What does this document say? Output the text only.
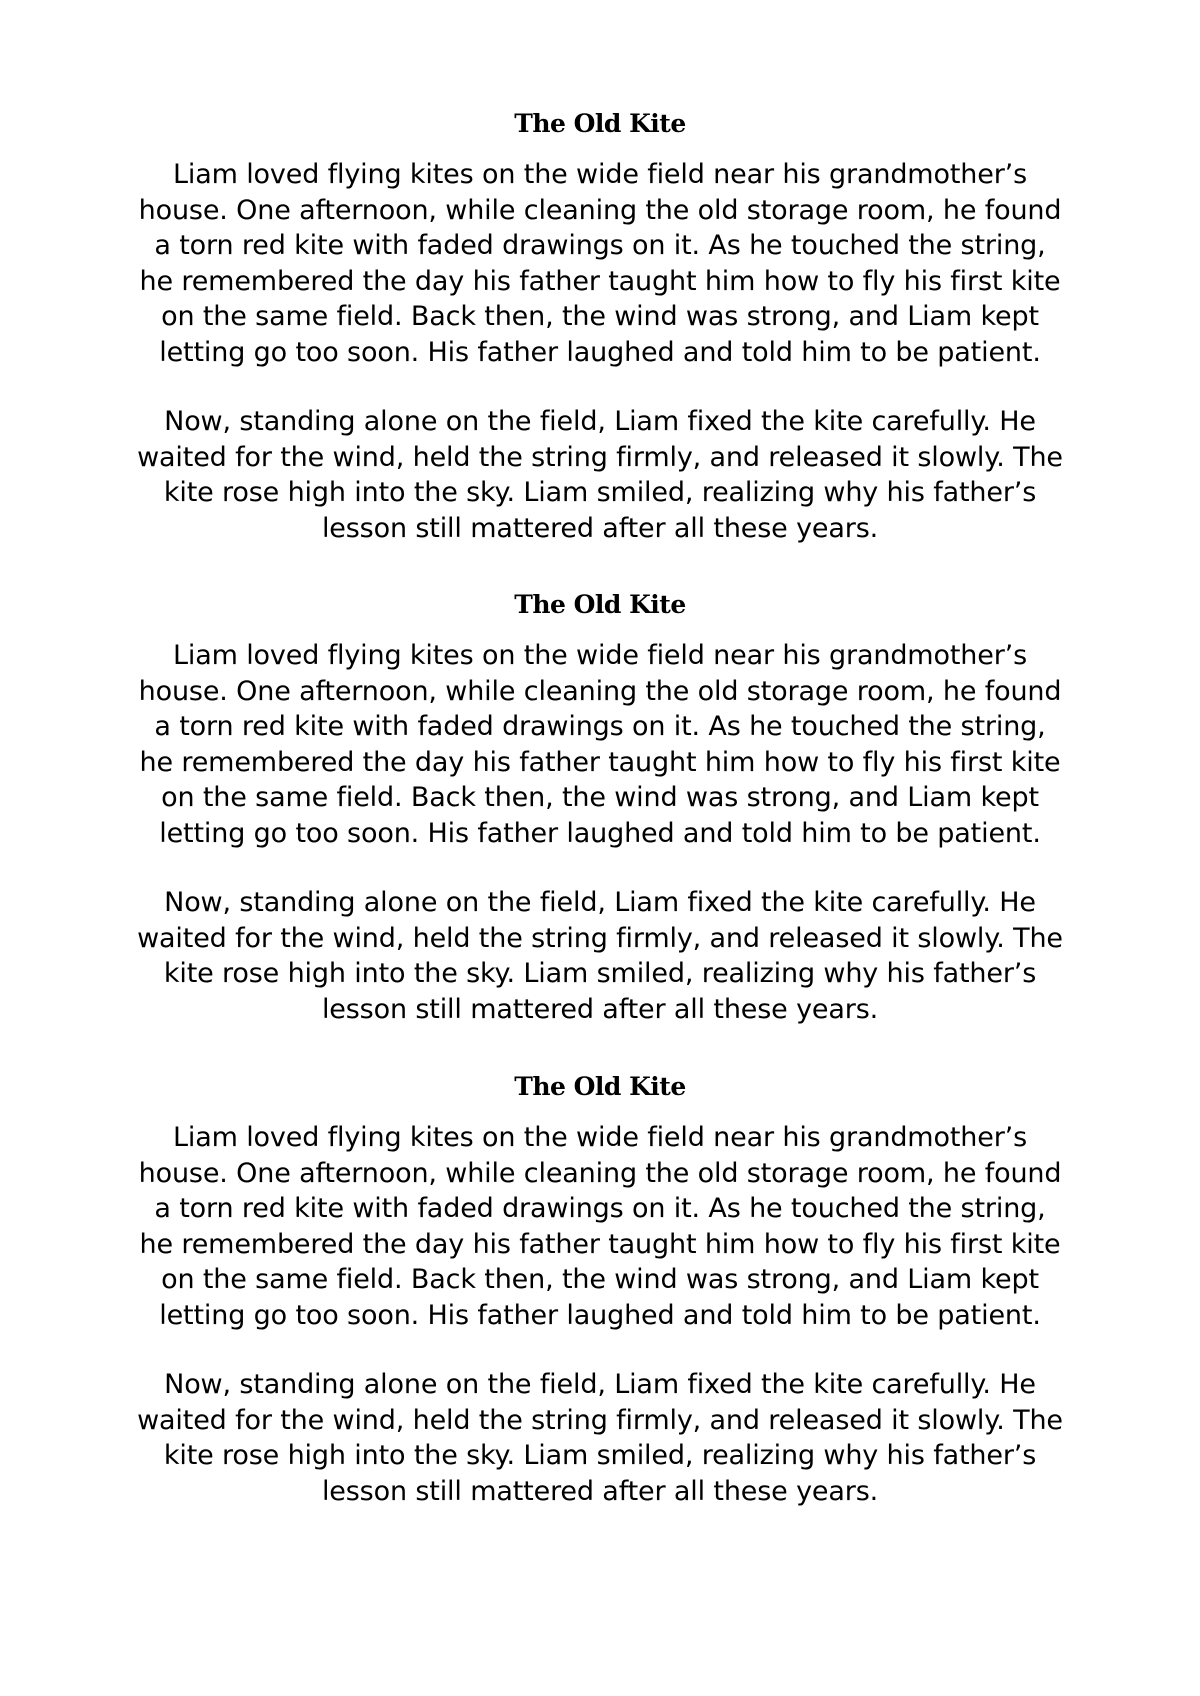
The Old Kite

Liam loved flying kites on the wide field near his grandmother’s
house. One afternoon, while cleaning the old storage room, he found
a torn red kite with faded drawings on it. As he touched the string,
he remembered the day his father taught him how to fly his first kite
on the same field. Back then, the wind was strong, and Liam kept
letting go too soon. His father laughed and told him to be patient.

Now, standing alone on the field, Liam fixed the kite carefully. He
waited for the wind, held the string firmly, and released it slowly. The
kite rose high into the sky. Liam smiled, realizing why his father’s
lesson still mattered after all these years.

The Old Kite

Liam loved flying kites on the wide field near his grandmother’s
house. One afternoon, while cleaning the old storage room, he found
a torn red kite with faded drawings on it. As he touched the string,
he remembered the day his father taught him how to fly his first kite
on the same field. Back then, the wind was strong, and Liam kept
letting go too soon. His father laughed and told him to be patient.

Now, standing alone on the field, Liam fixed the kite carefully. He
waited for the wind, held the string firmly, and released it slowly. The
kite rose high into the sky. Liam smiled, realizing why his father’s
lesson still mattered after all these years.

The Old Kite

Liam loved flying kites on the wide field near his grandmother’s
house. One afternoon, while cleaning the old storage room, he found
a torn red kite with faded drawings on it. As he touched the string,
he remembered the day his father taught him how to fly his first kite
on the same field. Back then, the wind was strong, and Liam kept
letting go too soon. His father laughed and told him to be patient.

Now, standing alone on the field, Liam fixed the kite carefully. He
waited for the wind, held the string firmly, and released it slowly. The
kite rose high into the sky. Liam smiled, realizing why his father’s
lesson still mattered after all these years.
